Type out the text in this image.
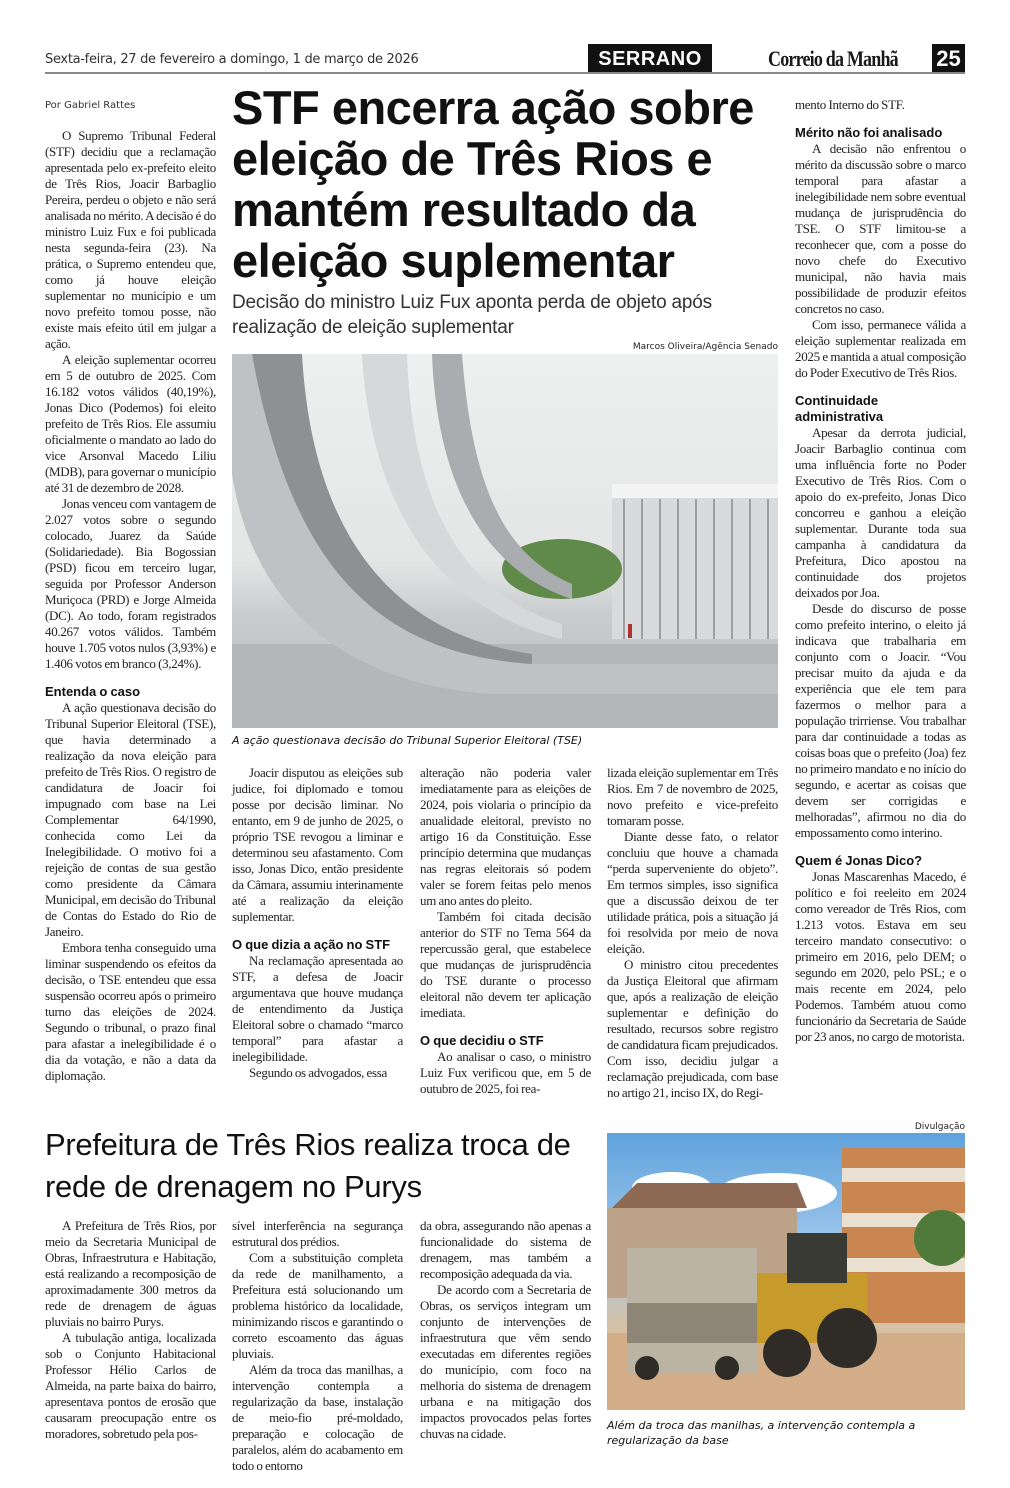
Sexta-feira, 27 de fevereiro a domingo, 1 de março de 2026	SERRANO	Correio da Manhã 25
Por Gabriel Rattes STF encerra ação sobre eleição de Três Rios e mantém resultado da eleição suplementar
Decisão do ministro Luiz Fux aponta perda de objeto após realização de eleição suplementar
Marcos Oliveira/Agência Senado
A ação questionava decisão do Tribunal Superior Eleitoral (TSE)

O Supremo Tribunal Federal (STF) decidiu que a reclamação apresentada pelo ex-prefeito eleito de Três Rios, Joacir Barbaglio Pereira, perdeu o objeto e não será analisada no mérito. A decisão é do ministro Luiz Fux e foi publicada nesta segunda-feira (23). Na prática, o Supremo entendeu que, como já houve eleição suplementar no município e um novo prefeito tomou posse, não existe mais efeito útil em julgar a ação.

A eleição suplementar ocorreu em 5 de outubro de 2025. Com 16.182 votos válidos (40,19%), Jonas Dico (Podemos) foi eleito prefeito de Três Rios. Ele assumiu oficialmente o mandato ao lado do vice Arsonval Macedo Liliu (MDB), para governar o município até 31 de dezembro de 2028.

Jonas venceu com vantagem de 2.027 votos sobre o segundo colocado, Juarez da Saúde (Solidariedade). Bia Bogossian (PSD) ficou em terceiro lugar, seguida por Professor Anderson Muriçoca (PRD) e Jorge Almeida (DC). Ao todo, foram registrados 40.267 votos válidos. Também houve 1.705 votos nulos (3,93%) e 1.406 votos em branco (3,24%).

Entenda o caso

A ação questionava decisão do Tribunal Superior Eleitoral (TSE), que havia determinado a realização da nova eleição para prefeito de Três Rios. O registro de candidatura de Joacir foi impugnado com base na Lei Complementar 64/1990, conhecida como Lei da Inelegibilidade. O motivo foi a rejeição de contas de sua gestão como presidente da Câmara Municipal, em decisão do Tribunal de Contas do Estado do Rio de Janeiro.

Embora tenha conseguido uma liminar suspendendo os efeitos da decisão, o TSE entendeu que essa suspensão ocorreu após o primeiro turno das eleições de 2024. Segundo o tribunal, o prazo final para afastar a inelegibilidade é o dia da votação, e não a data da diplomação.

Joacir disputou as eleições sub judice, foi diplomado e tomou posse por decisão liminar. No entanto, em 9 de junho de 2025, o próprio TSE revogou a liminar e determinou seu afastamento. Com isso, Jonas Dico, então presidente da Câmara, assumiu interinamente até a realização da eleição suplementar.

O que dizia a ação no STF

Na reclamação apresentada ao STF, a defesa de Joacir argumentava que houve mudança de entendimento da Justiça Eleitoral sobre o chamado “marco temporal” para afastar a inelegibilidade.

Segundo os advogados, essa

alteração não poderia valer imediatamente para as eleições de 2024, pois violaria o princípio da anualidade eleitoral, previsto no artigo 16 da Constituição. Esse princípio determina que mudanças nas regras eleitorais só podem valer se forem feitas pelo menos um ano antes do pleito.

Também foi citada decisão anterior do STF no Tema 564 da repercussão geral, que estabelece que mudanças de jurisprudência do TSE durante o processo eleitoral não devem ter aplicação imediata.

O que decidiu o STF

Ao analisar o caso, o ministro Luiz Fux verificou que, em 5 de outubro de 2025, foi rea-

lizada eleição suplementar em Três Rios. Em 7 de novembro de 2025, novo prefeito e vice-prefeito tomaram posse.

Diante desse fato, o relator concluiu que houve a chamada “perda superveniente do objeto”. Em termos simples, isso significa que a discussão deixou de ter utilidade prática, pois a situação já foi resolvida por meio de nova eleição.

O ministro citou precedentes da Justiça Eleitoral que afirmam que, após a realização de eleição suplementar e definição do resultado, recursos sobre registro de candidatura ficam prejudicados. Com isso, decidiu julgar a reclamação prejudicada, com base no artigo 21, inciso IX, do Regi-

mento Interno do STF.

Mérito não foi analisado

A decisão não enfrentou o mérito da discussão sobre o marco temporal para afastar a inelegibilidade nem sobre eventual mudança de jurisprudência do TSE. O STF limitou-se a reconhecer que, com a posse do novo chefe do Executivo municipal, não havia mais possibilidade de produzir efeitos concretos no caso.

Com isso, permanece válida a eleição suplementar realizada em 2025 e mantida a atual composição do Poder Executivo de Três Rios.

Continuidade administrativa

Apesar da derrota judicial, Joacir Barbaglio continua com uma influência forte no Poder Executivo de Três Rios. Com o apoio do ex-prefeito, Jonas Dico concorreu e ganhou a eleição suplementar. Durante toda sua campanha à candidatura da Prefeitura, Dico apostou na continuidade dos projetos deixados por Joa.

Desde do discurso de posse como prefeito interino, o eleito já indicava que trabalharia em conjunto com o Joacir. “Vou precisar muito da ajuda e da experiência que ele tem para fazermos o melhor para a população trirriense. Vou trabalhar para dar continuidade a todas as coisas boas que o prefeito (Joa) fez no primeiro mandato e no início do segundo, e acertar as coisas que devem ser corrigidas e melhoradas”, afirmou no dia do empossamento como interino.

Quem é Jonas Dico?

Jonas Mascarenhas Macedo, é político e foi reeleito em 2024 como vereador de Três Rios, com 1.213 votos. Estava em seu terceiro mandato consecutivo: o primeiro em 2016, pelo DEM; o segundo em 2020, pelo PSL; e o mais recente em 2024, pelo Podemos. Também atuou como funcionário da Secretaria de Saúde por 23 anos, no cargo de motorista.

Prefeitura de Três Rios realiza troca de rede de drenagem no Purys
Divulgação
Além da troca das manilhas, a intervenção contempla a regularização da base

A Prefeitura de Três Rios, por meio da Secretaria Municipal de Obras, Infraestrutura e Habitação, está realizando a recomposição de aproximadamente 300 metros da rede de drenagem de águas pluviais no bairro Purys.

A tubulação antiga, localizada sob o Conjunto Habitacional Professor Hélio Carlos de Almeida, na parte baixa do bairro, apresentava pontos de erosão que causaram preocupação entre os moradores, sobretudo pela pos-

sível interferência na segurança estrutural dos prédios.

Com a substituição completa da rede de manilhamento, a Prefeitura está solucionando um problema histórico da localidade, minimizando riscos e garantindo o correto escoamento das águas pluviais.

Além da troca das manilhas, a intervenção contempla a regularização da base, instalação de meio-fio pré-moldado, preparação e colocação de paralelos, além do acabamento em todo o entorno

da obra, assegurando não apenas a funcionalidade do sistema de drenagem, mas também a recomposição adequada da via.

De acordo com a Secretaria de Obras, os serviços integram um conjunto de intervenções de infraestrutura que vêm sendo executadas em diferentes regiões do município, com foco na melhoria do sistema de drenagem urbana e na mitigação dos impactos provocados pelas fortes chuvas na cidade.
